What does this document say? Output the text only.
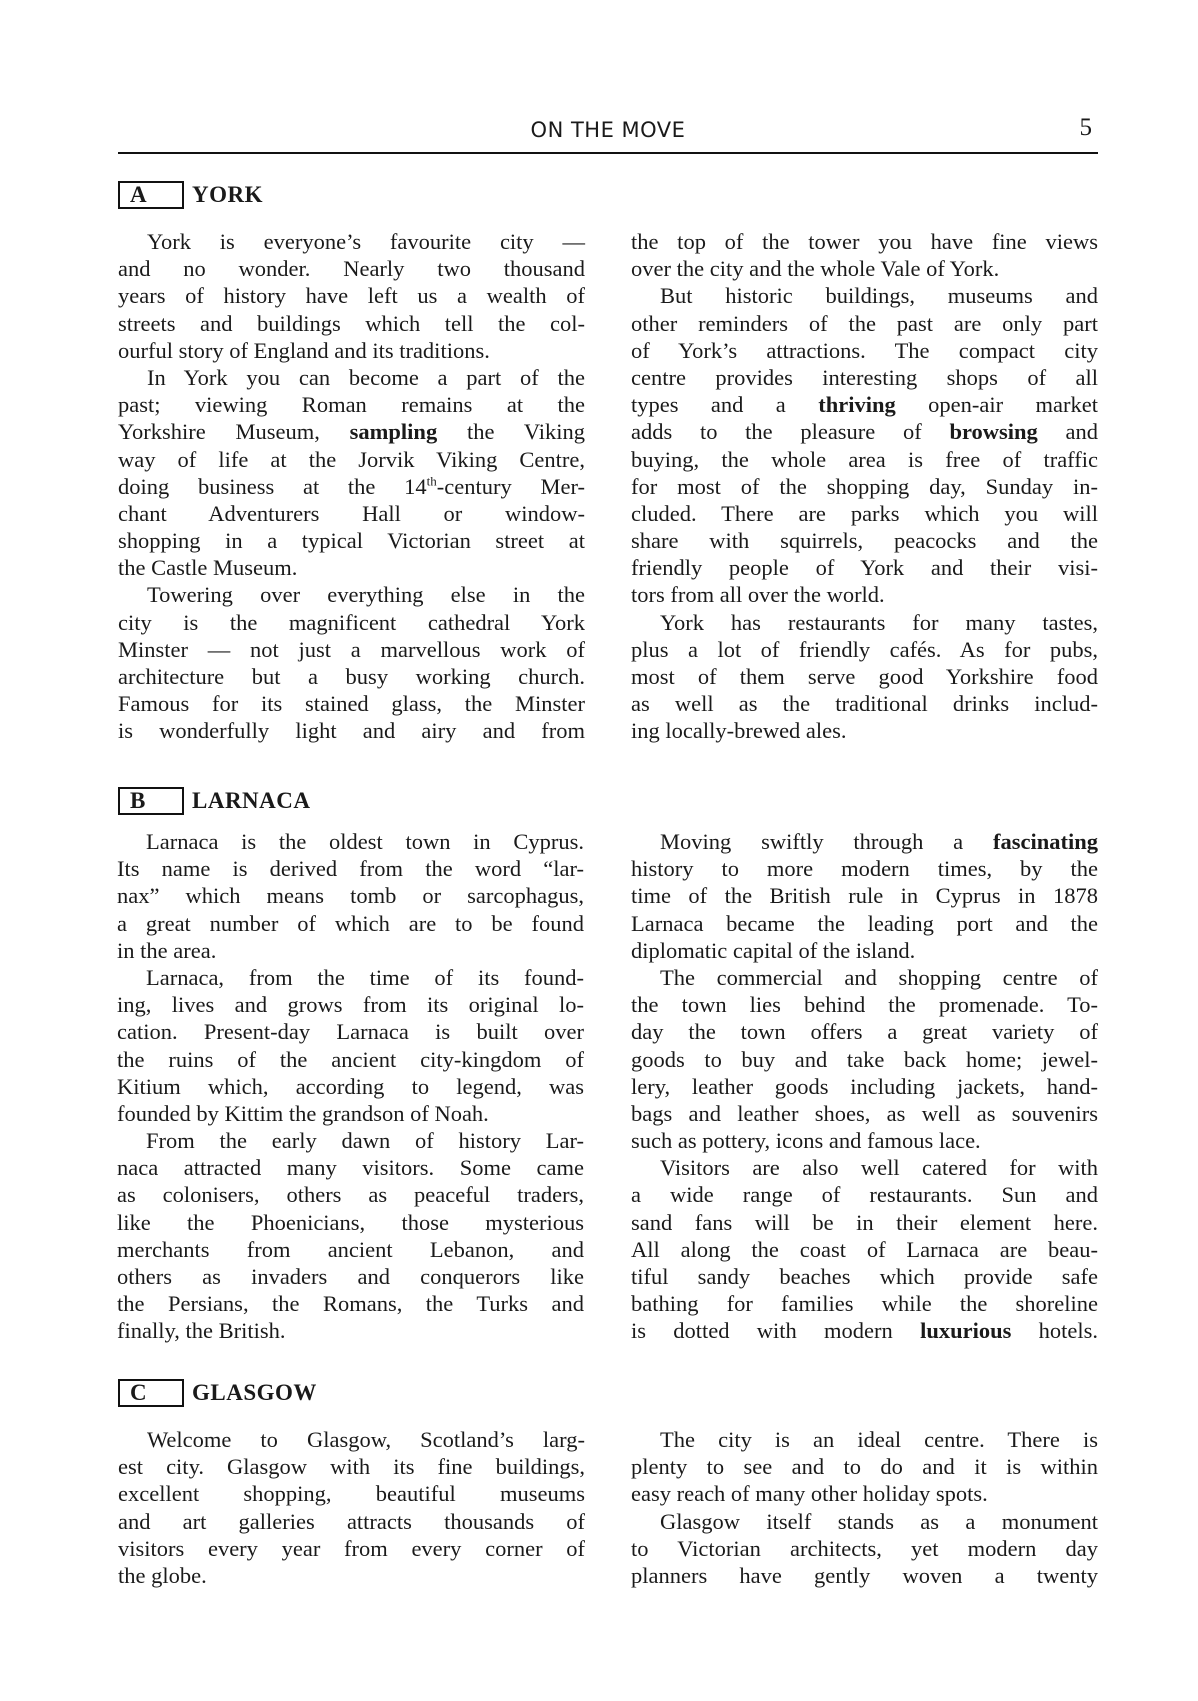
ON THE MOVE	5
A	YORK
York is everyone’s favourite city —
and no wonder. Nearly two thousand
years of history have left us a wealth of
streets and buildings which tell the col-
ourful story of England and its traditions.
In York you can become a part of the
past; viewing Roman remains at the
Yorkshire Museum, sampling the Viking
way of life at the Jorvik Viking Centre,
doing business at the 14th-century Mer-
chant Adventurers Hall or window-
shopping in a typical Victorian street at
the Castle Museum.
Towering over everything else in the
city is the magnificent cathedral York
Minster — not just a marvellous work of
architecture but a busy working church.
Famous for its stained glass, the Minster
is wonderfully light and airy and from
the top of the tower you have fine views
over the city and the whole Vale of York.
But historic buildings, museums and
other reminders of the past are only part
of York’s attractions. The compact city
centre provides interesting shops of all
types and a thriving open-air market
adds to the pleasure of browsing and
buying, the whole area is free of traffic
for most of the shopping day, Sunday in-
cluded. There are parks which you will
share with squirrels, peacocks and the
friendly people of York and their visi-
tors from all over the world.
York has restaurants for many tastes,
plus a lot of friendly cafés. As for pubs,
most of them serve good Yorkshire food
as well as the traditional drinks includ-
ing locally-brewed ales.
B	LARNACA
Larnaca is the oldest town in Cyprus.
Its name is derived from the word “lar-
nax” which means tomb or sarcophagus,
a great number of which are to be found
in the area.
Larnaca, from the time of its found-
ing, lives and grows from its original lo-
cation. Present-day Larnaca is built over
the ruins of the ancient city-kingdom of
Kitium which, according to legend, was
founded by Kittim the grandson of Noah.
From the early dawn of history Lar-
naca attracted many visitors. Some came
as colonisers, others as peaceful traders,
like the Phoenicians, those mysterious
merchants from ancient Lebanon, and
others as invaders and conquerors like
the Persians, the Romans, the Turks and
finally, the British.
Moving swiftly through a fascinating
history to more modern times, by the
time of the British rule in Cyprus in 1878
Larnaca became the leading port and the
diplomatic capital of the island.
The commercial and shopping centre of
the town lies behind the promenade. To-
day the town offers a great variety of
goods to buy and take back home; jewel-
lery, leather goods including jackets, hand-
bags and leather shoes, as well as souvenirs
such as pottery, icons and famous lace.
Visitors are also well catered for with
a wide range of restaurants. Sun and
sand fans will be in their element here.
All along the coast of Larnaca are beau-
tiful sandy beaches which provide safe
bathing for families while the shoreline
is dotted with modern luxurious hotels.
C	GLASGOW
Welcome to Glasgow, Scotland’s larg-
est city. Glasgow with its fine buildings,
excellent shopping, beautiful museums
and art galleries attracts thousands of
visitors every year from every corner of
the globe.
The city is an ideal centre. There is
plenty to see and to do and it is within
easy reach of many other holiday spots.
Glasgow itself stands as a monument
to Victorian architects, yet modern day
planners have gently woven a twenty
